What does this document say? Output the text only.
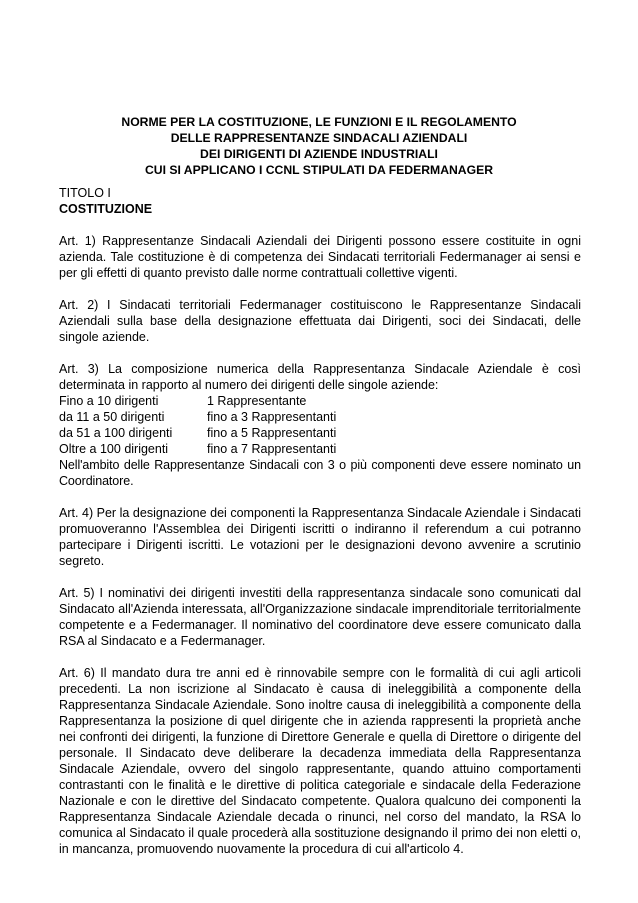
NORME PER LA COSTITUZIONE, LE FUNZIONI E IL REGOLAMENTO
DELLE RAPPRESENTANZE SINDACALI AZIENDALI
DEI DIRIGENTI DI AZIENDE INDUSTRIALI
CUI SI APPLICANO I CCNL STIPULATI DA FEDERMANAGER

TITOLO I

COSTITUZIONE

Art. 1) Rappresentanze Sindacali Aziendali dei Dirigenti possono essere costituite in ogni azienda. Tale costituzione è di competenza dei Sindacati territoriali Federmanager ai sensi e per gli effetti di quanto previsto dalle norme contrattuali collettive vigenti.

Art. 2) I Sindacati territoriali Federmanager costituiscono le Rappresentanze Sindacali Aziendali sulla base della designazione effettuata dai Dirigenti, soci dei Sindacati, delle singole aziende.

Art. 3) La composizione numerica della Rappresentanza Sindacale Aziendale è così determinata in rapporto al numero dei dirigenti delle singole aziende:

Fino a 10 dirigenti	1 Rappresentante
da 11 a 50 dirigenti	fino a 3 Rappresentanti
da 51 a 100 dirigenti	fino a 5 Rappresentanti
Oltre a 100 dirigenti	fino a 7 Rappresentanti

Nell'ambito delle Rappresentanze Sindacali con 3 o più componenti deve essere nominato un Coordinatore.

Art. 4) Per la designazione dei componenti la Rappresentanza Sindacale Aziendale i Sindacati

promuoveranno l'Assemblea dei Dirigenti iscritti o indiranno il referendum a cui potranno partecipare i Dirigenti iscritti. Le votazioni per le designazioni devono avvenire a scrutinio segreto.

Art. 5) I nominativi dei dirigenti investiti della rappresentanza sindacale sono comunicati dal Sindacato all'Azienda interessata, all'Organizzazione sindacale imprenditoriale territorialmente competente e a Federmanager. Il nominativo del coordinatore deve essere comunicato dalla RSA al Sindacato e a Federmanager.

Art. 6) Il mandato dura tre anni ed è rinnovabile sempre con le formalità di cui agli articoli precedenti. La non iscrizione al Sindacato è causa di ineleggibilità a componente della Rappresentanza Sindacale Aziendale. Sono inoltre causa di ineleggibilità a componente della Rappresentanza la posizione di quel dirigente che in azienda rappresenti la proprietà anche nei confronti dei dirigenti, la funzione di Direttore Generale e quella di Direttore o dirigente del personale. Il Sindacato deve deliberare la decadenza immediata della Rappresentanza Sindacale Aziendale, ovvero del singolo rappresentante, quando attuino comportamenti contrastanti con le finalità e le direttive di politica categoriale e sindacale della Federazione Nazionale e con le direttive del Sindacato competente. Qualora qualcuno dei componenti la Rappresentanza Sindacale Aziendale decada o rinunci, nel corso del mandato, la RSA lo comunica al Sindacato il quale procederà alla sostituzione designando il primo dei non eletti o, in mancanza, promuovendo nuovamente la procedura di cui all'articolo 4.
